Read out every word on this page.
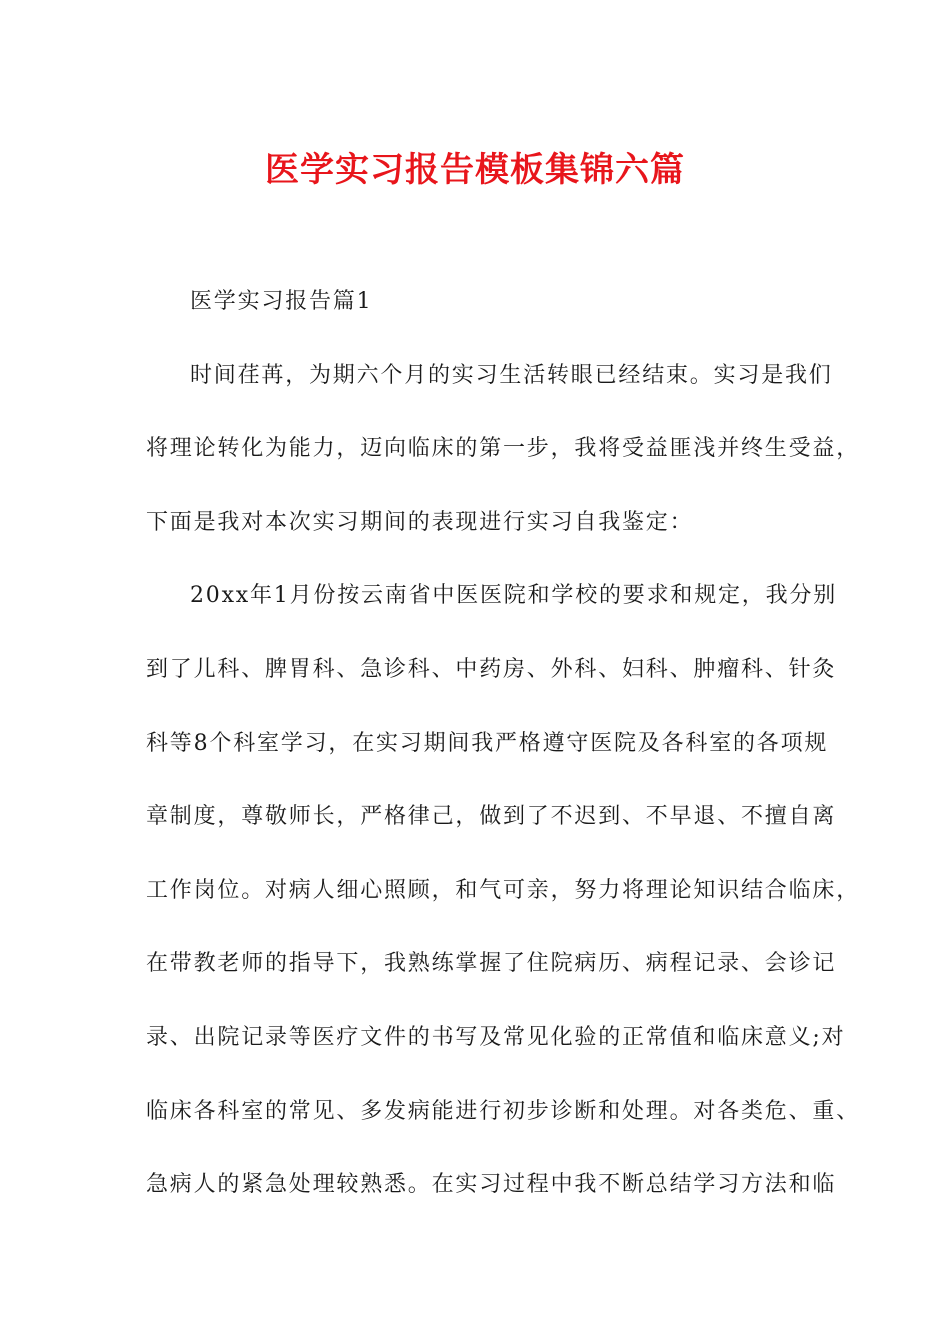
医学实习报告模板集锦六篇
医学实习报告篇1
时间荏苒，为期六个月的实习生活转眼已经结束。实习是我们
将理论转化为能力，迈向临床的第一步，我将受益匪浅并终生受益，
下面是我对本次实习期间的表现进行实习自我鉴定：
20xx年1月份按云南省中医医院和学校的要求和规定，我分别
到了儿科、脾胃科、急诊科、中药房、外科、妇科、肿瘤科、针灸
科等8个科室学习，在实习期间我严格遵守医院及各科室的各项规
章制度，尊敬师长，严格律己，做到了不迟到、不早退、不擅自离
工作岗位。对病人细心照顾，和气可亲，努力将理论知识结合临床，
在带教老师的指导下，我熟练掌握了住院病历、病程记录、会诊记
录、出院记录等医疗文件的书写及常见化验的正常值和临床意义;对
临床各科室的常见、多发病能进行初步诊断和处理。对各类危、重、
急病人的紧急处理较熟悉。在实习过程中我不断总结学习方法和临
